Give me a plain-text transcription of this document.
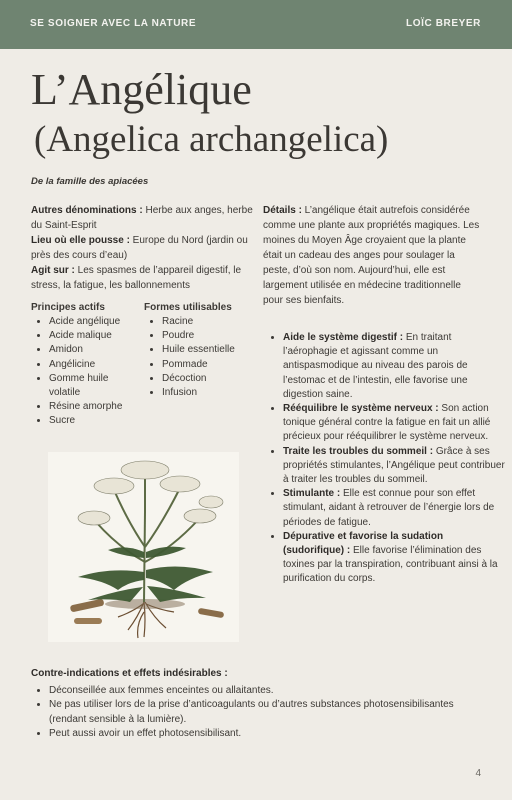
SE SOIGNER AVEC LA NATURE	LOÏC BREYER
L’Angélique
(Angelica archangelica)
De la famille des apiacées
Autres dénominations : Herbe aux anges, herbe du Saint-Esprit
Lieu où elle pousse : Europe du Nord (jardin ou près des cours d’eau)
Agit sur : Les spasmes de l’appareil digestif, le stress, la fatigue, les ballonnements
Principes actifs
• Acide angélique
• Acide malique
• Amidon
• Angélicine
• Gomme huile volatile
• Résine amorphe
• Sucre
Formes utilisables
• Racine
• Poudre
• Huile essentielle
• Pommade
• Décoction
• Infusion
Détails : L’angélique était autrefois considérée comme une plante aux propriétés magiques. Les moines du Moyen Âge croyaient que la plante était un cadeau des anges pour soulager la peste, d’où son nom. Aujourd’hui, elle est largement utilisée en médecine traditionnelle pour ses bienfaits.
• Aide le système digestif : En traitant l’aérophagie et agissant comme un antispasmodique au niveau des parois de l’estomac et de l’intestin, elle favorise une digestion saine.
• Rééquilibre le système nerveux : Son action tonique général contre la fatigue en fait un allié précieux pour rééquilibrer le système nerveux.
• Traite les troubles du sommeil : Grâce à ses propriétés stimulantes, l’Angélique peut contribuer à traiter les troubles du sommeil.
• Stimulante : Elle est connue pour son effet stimulant, aidant à retrouver de l’énergie lors de périodes de fatigue.
• Dépurative et favorise la sudation (sudorifique) : Elle favorise l’élimination des toxines par la transpiration, contribuant ainsi à la purification du corps.
Contre-indications et effets indésirables :
• Déconseillée aux femmes enceintes ou allaitantes.
• Ne pas utiliser lors de la prise d’anticoagulants ou d’autres substances photosensibilisantes (rendant sensible à la lumière).
• Peut aussi avoir un effet photosensibilisant.
4
